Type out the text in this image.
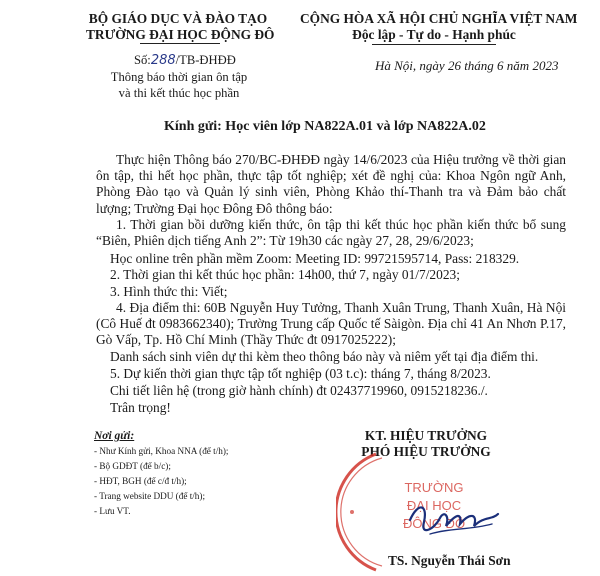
BỘ GIÁO DỤC VÀ ĐÀO TẠO
TRƯỜNG ĐẠI HỌC ĐỘNG ĐÔ
Số:288/TB-ĐHĐĐ
Thông báo thời gian ôn tập
và thi kết thúc học phần
CỘNG HÒA XÃ HỘI CHỦ NGHĨA VIỆT NAM
Độc lập - Tự do - Hạnh phúc
Hà Nội, ngày 26 tháng 6 năm 2023
Kính gửi: Học viên lớp NA822A.01 và lớp NA822A.02
Thực hiện Thông báo 270/BC-ĐHĐĐ ngày 14/6/2023 của Hiệu trưởng về thời gian ôn tập, thi hết học phần, thực tập tốt nghiệp; xét đề nghị của: Khoa Ngôn ngữ Anh, Phòng Đào tạo và Quản lý sinh viên, Phòng Khảo thí-Thanh tra và Đảm bảo chất lượng; Trường Đại học Đông Đô thông báo:
1. Thời gian bồi dưỡng kiến thức, ôn tập thi kết thúc học phần kiến thức bổ sung “Biên, Phiên dịch tiếng Anh 2”: Từ 19h30 các ngày 27, 28, 29/6/2023;
Học online trên phần mềm Zoom: Meeting ID: 99721595714, Pass: 218329.
2. Thời gian thi kết thúc học phần: 14h00, thứ 7, ngày 01/7/2023;
3. Hình thức thi: Viết;
4. Địa điểm thi: 60B Nguyễn Huy Tưởng, Thanh Xuân Trung, Thanh Xuân, Hà Nội (Cô Huế đt 0983662340); Trường Trung cấp Quốc tế Sàigòn. Địa chỉ 41 An Nhơn P.17, Gò Vấp, Tp. Hồ Chí Minh (Thầy Thức đt 0917025222);
Danh sách sinh viên dự thi kèm theo thông báo này và niêm yết tại địa điểm thi.
5. Dự kiến thời gian thực tập tốt nghiệp (03 t.c): tháng 7, tháng 8/2023.
Chi tiết liên hệ (trong giờ hành chính) đt 02437719960, 0915218236./.
Trân trọng!
Nơi gửi:
- Như Kính gửi, Khoa NNA (để t/h);
- Bộ GDĐT (để b/c);
- HĐT, BGH (để c/đ t/h);
- Trang website DDU (để t/h);
- Lưu VT.
KT. HIỆU TRƯỞNG
PHÓ HIỆU TRƯỞNG
TRƯỜNG
ĐẠI HỌC
ĐÔNG ĐÔ
TS. Nguyễn Thái Sơn
